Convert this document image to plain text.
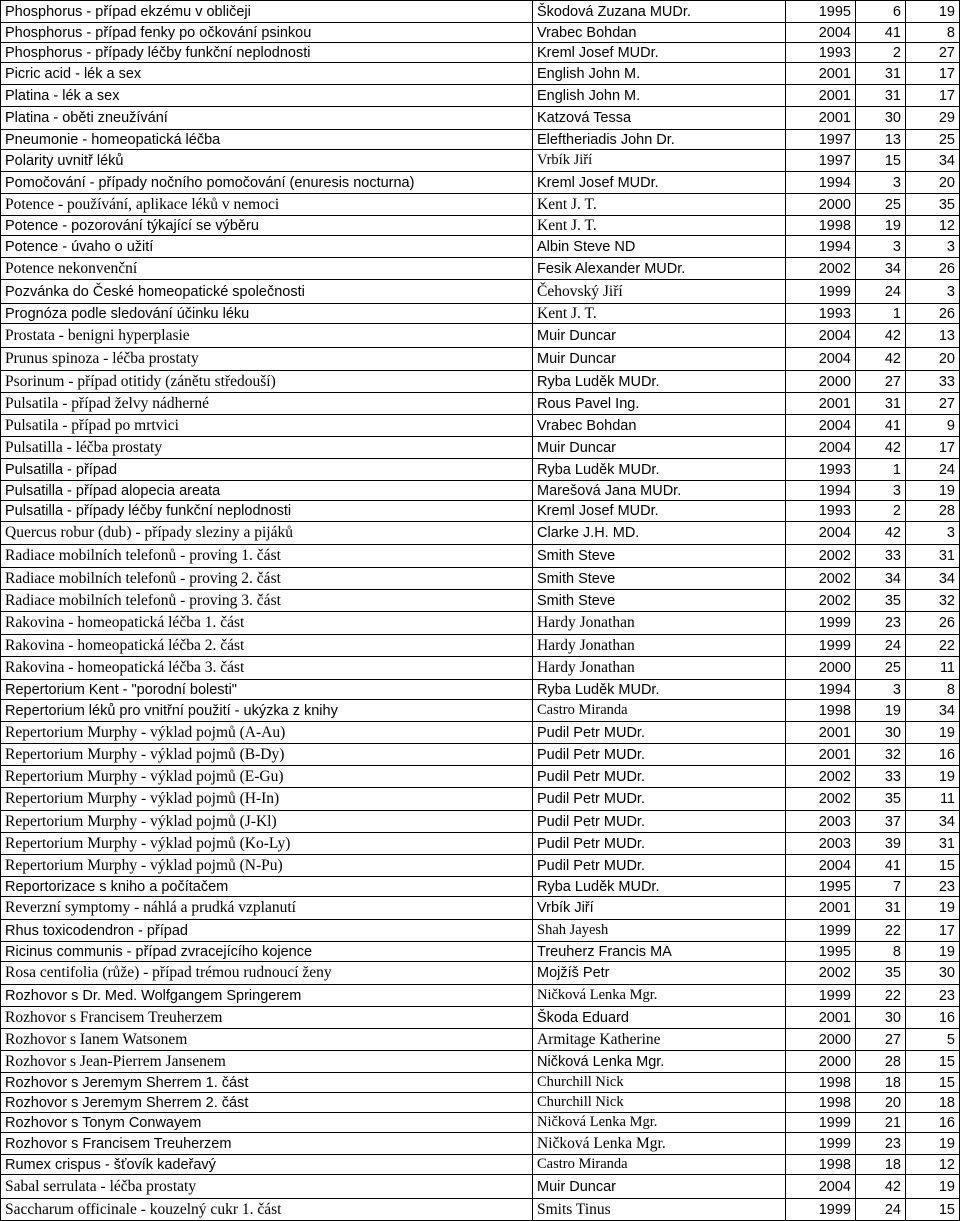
Phosphorus - případ ekzému v obličeji	Škodová Zuzana MUDr.	1995	6	19
Phosphorus - případ fenky po očkování psinkou	Vrabec Bohdan	2004	41	8
Phosphorus - případy léčby funkční neplodnosti	Kreml Josef MUDr.	1993	2	27
Picric acid - lék a sex	English John M.	2001	31	17
Platina - lék a sex	English John M.	2001	31	17
Platina - oběti zneužívání	Katzová Tessa	2001	30	29
Pneumonie - homeopatická léčba	Eleftheriadis John Dr.	1997	13	25
Polarity uvnitř léků	Vrbík Jiří	1997	15	34
Pomočování - případy nočního pomočování (enuresis nocturna)	Kreml Josef MUDr.	1994	3	20
Potence - používání, aplikace léků v nemoci	Kent J. T.	2000	25	35
Potence - pozorování týkající se výběru	Kent J. T.	1998	19	12
Potence - úvaho o užití	Albin Steve ND	1994	3	3
Potence nekonvenční	Fesik Alexander MUDr.	2002	34	26
Pozvánka do České homeopatické společnosti	Čehovský Jiří	1999	24	3
Prognóza podle sledování účinku léku	Kent J. T.	1993	1	26
Prostata - benigni hyperplasie	Muir Duncar	2004	42	13
Prunus spinoza - léčba prostaty	Muir Duncar	2004	42	20
Psorinum - případ otitidy (zánětu středouší)	Ryba Luděk MUDr.	2000	27	33
Pulsatila - případ želvy nádherné	Rous Pavel Ing.	2001	31	27
Pulsatila - případ po mrtvici	Vrabec Bohdan	2004	41	9
Pulsatilla - léčba prostaty	Muir Duncar	2004	42	17
Pulsatilla - případ	Ryba Luděk MUDr.	1993	1	24
Pulsatilla - případ alopecia areata	Marešová Jana MUDr.	1994	3	19
Pulsatilla - případy léčby funkční neplodnosti	Kreml Josef MUDr.	1993	2	28
Quercus robur (dub) - případy sleziny a pijáků	Clarke J.H. MD.	2004	42	3
Radiace mobilních telefonů - proving 1. část	Smith Steve	2002	33	31
Radiace mobilních telefonů - proving 2. část	Smith Steve	2002	34	34
Radiace mobilních telefonů - proving 3. část	Smith Steve	2002	35	32
Rakovina - homeopatická léčba 1. část	Hardy Jonathan	1999	23	26
Rakovina - homeopatická léčba 2. část	Hardy Jonathan	1999	24	22
Rakovina - homeopatická léčba 3. část	Hardy Jonathan	2000	25	11
Repertorium Kent - "porodní bolesti"	Ryba Luděk MUDr.	1994	3	8
Repertorium léků pro vnitřní použití - ukýzka z knihy	Castro Miranda	1998	19	34
Repertorium Murphy - výklad pojmů (A-Au)	Pudil Petr MUDr.	2001	30	19
Repertorium Murphy - výklad pojmů (B-Dy)	Pudil Petr MUDr.	2001	32	16
Repertorium Murphy - výklad pojmů (E-Gu)	Pudil Petr MUDr.	2002	33	19
Repertorium Murphy - výklad pojmů (H-In)	Pudil Petr MUDr.	2002	35	11
Repertorium Murphy - výklad pojmů (J-Kl)	Pudil Petr MUDr.	2003	37	34
Repertorium Murphy - výklad pojmů (Ko-Ly)	Pudil Petr MUDr.	2003	39	31
Repertorium Murphy - výklad pojmů (N-Pu)	Pudil Petr MUDr.	2004	41	15
Reportorizace s kniho a počítačem	Ryba Luděk MUDr.	1995	7	23
Reverzní symptomy - náhlá a prudká vzplanutí	Vrbík Jiří	2001	31	19
Rhus toxicodendron - případ	Shah Jayesh	1999	22	17
Ricinus communis - případ zvracejícího kojence	Treuherz Francis MA	1995	8	19
Rosa centifolia (růže) - případ trémou rudnoucí ženy	Mojžíš Petr	2002	35	30
Rozhovor s Dr. Med. Wolfgangem Springerem	Ničková Lenka Mgr.	1999	22	23
Rozhovor s Francisem Treuherzem	Škoda Eduard	2001	30	16
Rozhovor s Ianem Watsonem	Armitage Katherine	2000	27	5
Rozhovor s Jean-Pierrem Jansenem	Ničková Lenka Mgr.	2000	28	15
Rozhovor s Jeremym Sherrem 1. část	Churchill Nick	1998	18	15
Rozhovor s Jeremym Sherrem 2. část	Churchill Nick	1998	20	18
Rozhovor s Tonym Conwayem	Ničková Lenka Mgr.	1999	21	16
Rozhovor s Francisem Treuherzem	Ničková Lenka Mgr.	1999	23	19
Rumex crispus - šťovík kadeřavý	Castro Miranda	1998	18	12
Sabal serrulata - léčba prostaty	Muir Duncar	2004	42	19
Saccharum officinale - kouzelný cukr 1. část	Smits Tinus	1999	24	15
